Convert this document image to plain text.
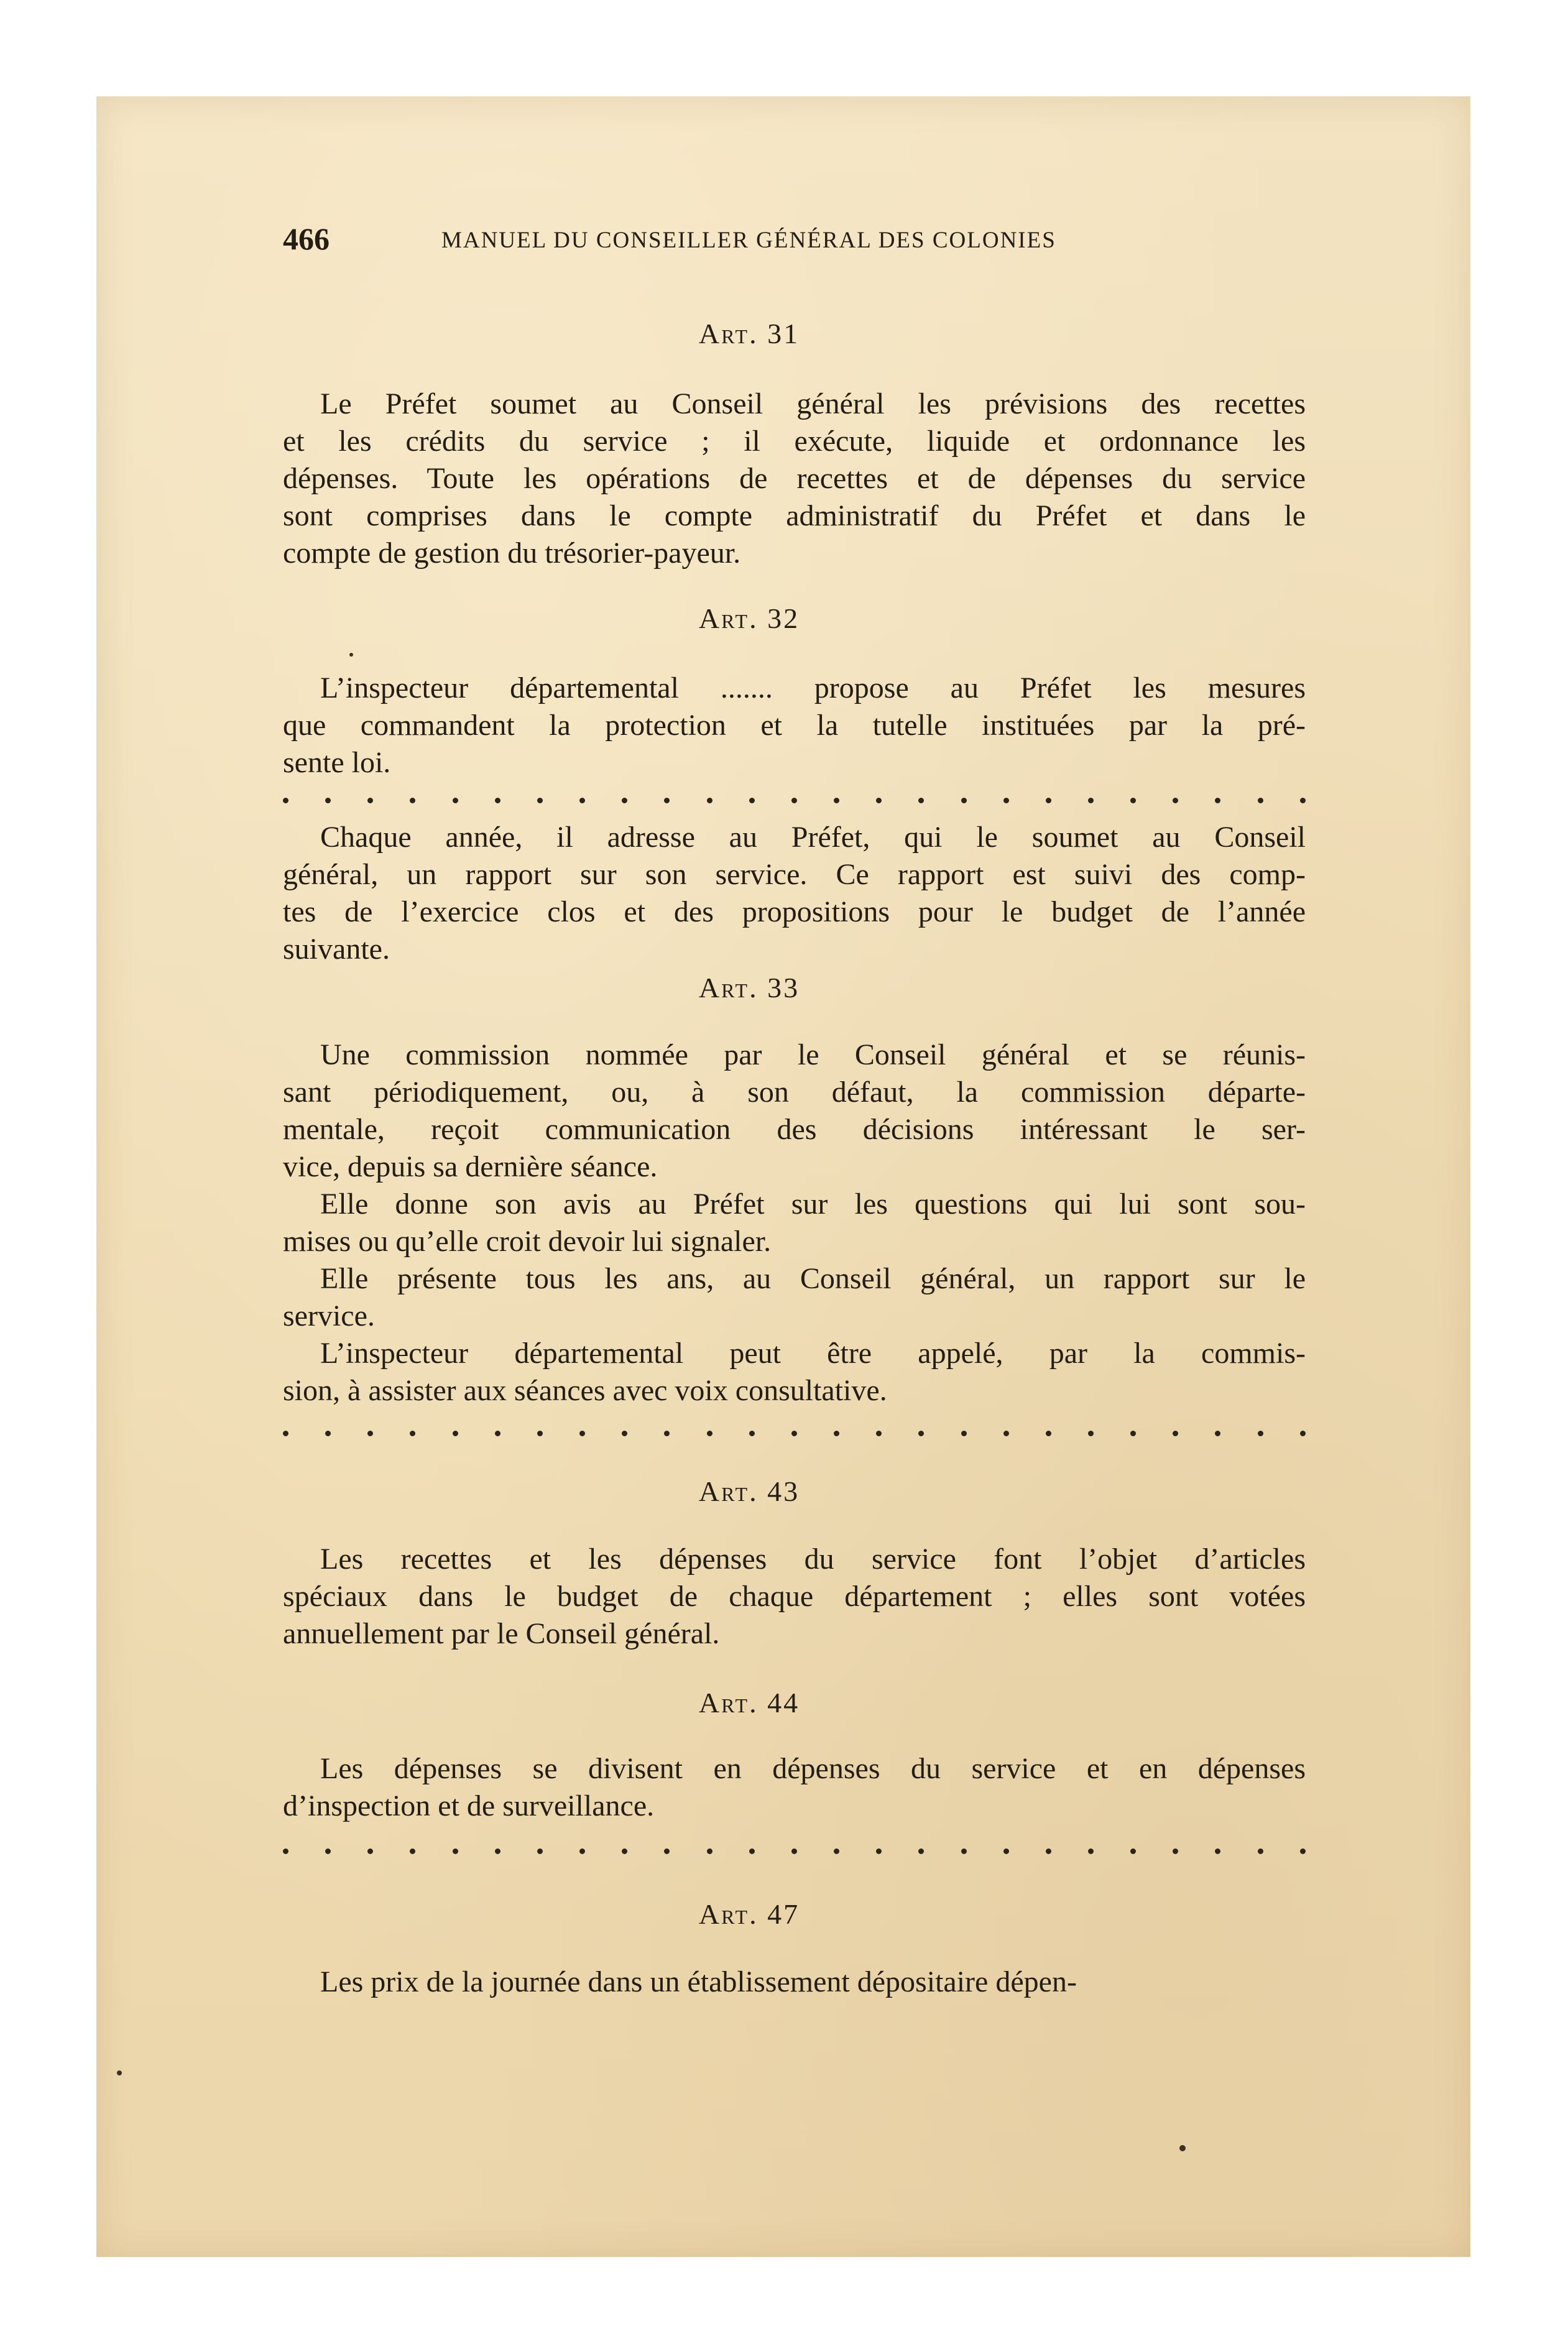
466	MANUEL DU CONSEILLER GÉNÉRAL DES COLONIES
Art. 31

Le Préfet soumet au Conseil général les prévisions des recettes
et les crédits du service ; il exécute, liquide et ordonnance les
dépenses. Toute les opérations de recettes et de dépenses du service
sont comprises dans le compte administratif du Préfet et dans le
compte de gestion du trésorier-payeur.

Art. 32

L’inspecteur départemental ....... propose au Préfet les mesures
que commandent la protection et la tutelle instituées par la pré-
sente loi.

Chaque année, il adresse au Préfet, qui le soumet au Conseil
général, un rapport sur son service. Ce rapport est suivi des comp-
tes de l’exercice clos et des propositions pour le budget de l’année
suivante.

Art. 33

Une commission nommée par le Conseil général et se réunis-
sant périodiquement, ou, à son défaut, la commission départe-
mentale, reçoit communication des décisions intéressant le ser-
vice, depuis sa dernière séance.

Elle donne son avis au Préfet sur les questions qui lui sont sou-
mises ou qu’elle croit devoir lui signaler.

Elle présente tous les ans, au Conseil général, un rapport sur le
service.

L’inspecteur départemental peut être appelé, par la commis-
sion, à assister aux séances avec voix consultative.

Art. 43

Les recettes et les dépenses du service font l’objet d’articles
spéciaux dans le budget de chaque département ; elles sont votées
annuellement par le Conseil général.

Art. 44

Les dépenses se divisent en dépenses du service et en dépenses
d’inspection et de surveillance.

Art. 47

Les prix de la journée dans un établissement dépositaire dépen-
